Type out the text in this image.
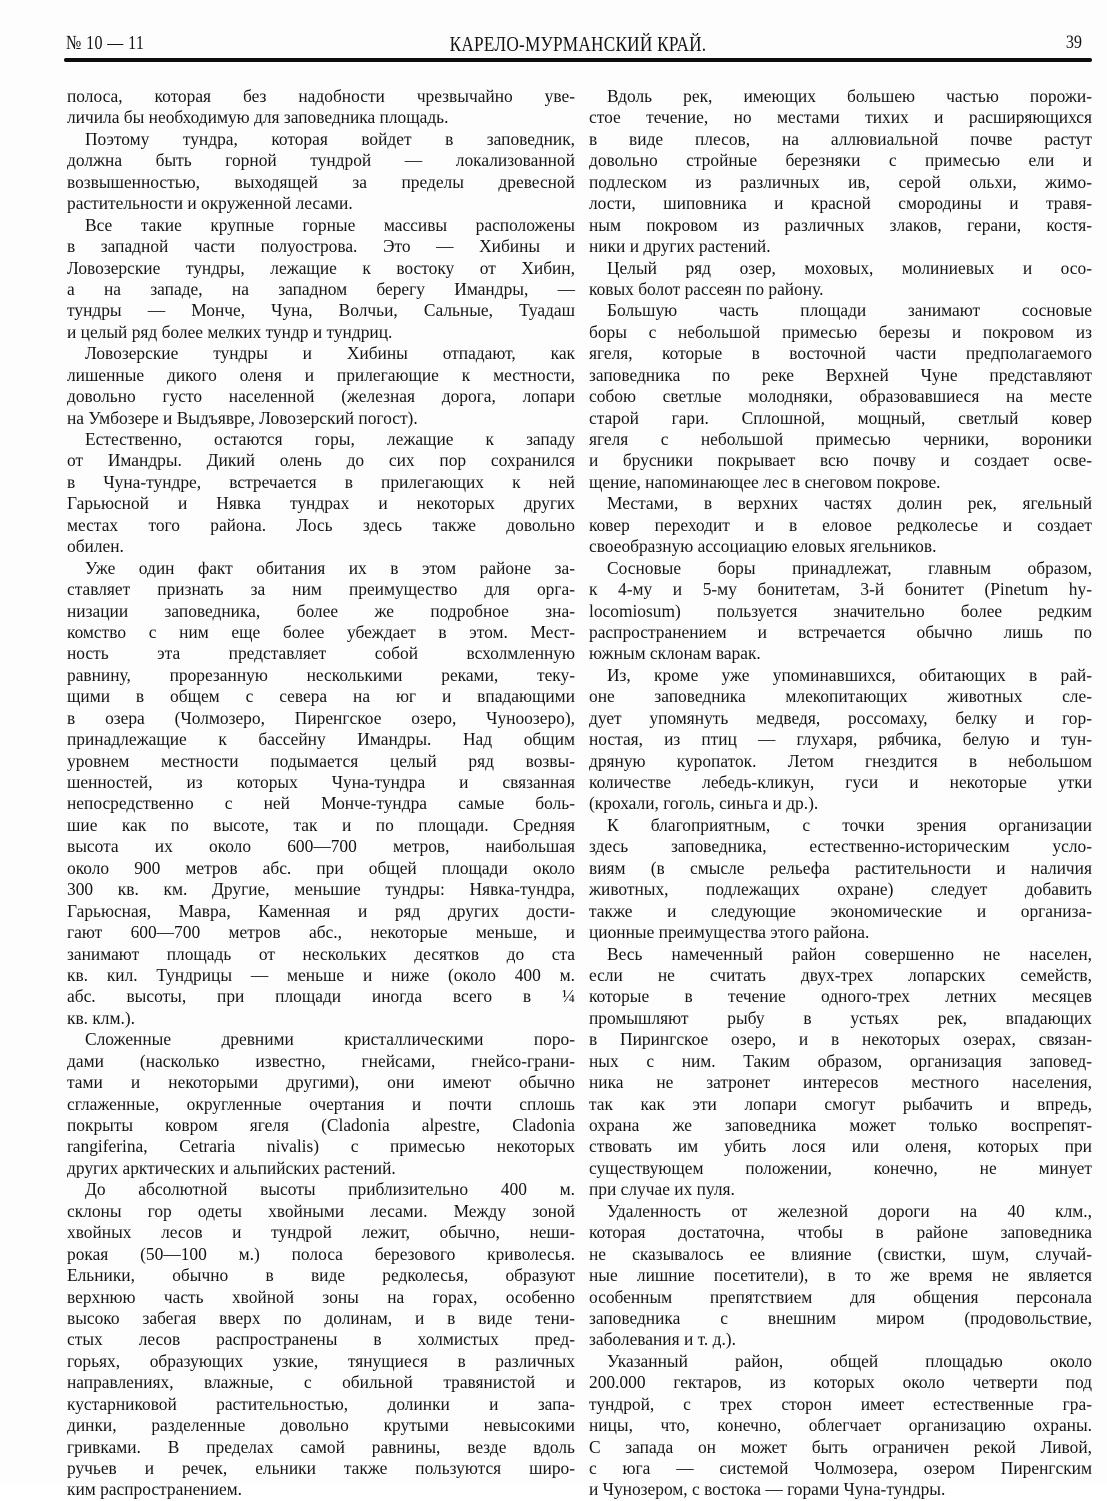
№ 10 — 11	КАРЕЛО-МУРМАНСКИЙ КРАЙ.	39
полоса, которая без надобности чрезвычайно уве-
личила бы необходимую для заповедника площадь.
Поэтому тундра, которая войдет в заповедник,
должна быть горной тундрой — локализованной
возвышенностью, выходящей за пределы древесной
растительности и окруженной лесами.
Все такие крупные горные массивы расположены
в западной части полуострова. Это — Хибины и
Ловозерские тундры, лежащие к востоку от Хибин,
а на западе, на западном берегу Имандры, —
тундры — Монче, Чуна, Волчьи, Сальные, Туадаш
и целый ряд более мелких тундр и тундриц.
Ловозерские тундры и Хибины отпадают, как
лишенные дикого оленя и прилегающие к местности,
довольно густо населенной (железная дорога, лопари
на Умбозере и Выдъявре, Ловозерский погост).
Естественно, остаются горы, лежащие к западу
от Имандры. Дикий олень до сих пор сохранился
в Чуна-тундре, встречается в прилегающих к ней
Гарьюсной и Нявка тундрах и некоторых других
местах того района. Лось здесь также довольно
обилен.
Уже один факт обитания их в этом районе за-
ставляет признать за ним преимущество для орга-
низации заповедника, более же подробное зна-
комство с ним еще более убеждает в этом. Мест-
ность эта представляет собой всхолмленную
равнину, прорезанную несколькими реками, теку-
щими в общем с севера на юг и впадающими
в озера (Чолмозеро, Пиренгское озеро, Чуноозеро),
принадлежащие к бассейну Имандры. Над общим
уровнем местности подымается целый ряд возвы-
шенностей, из которых Чуна-тундра и связанная
непосредственно с ней Монче-тундра самые боль-
шие как по высоте, так и по площади. Средняя
высота их около 600—700 метров, наибольшая
около 900 метров абс. при общей площади около
300 кв. км. Другие, меньшие тундры: Нявка-тундра,
Гарьюсная, Мавра, Каменная и ряд других дости-
гают 600—700 метров абс., некоторые меньше, и
занимают площадь от нескольких десятков до ста
кв. кил. Тундрицы — меньше и ниже (около 400 м.
абс. высоты, при площади иногда всего в ¼
кв. клм.).
Сложенные древними кристаллическими поро-
дами (насколько известно, гнейсами, гнейсо-грани-
тами и некоторыми другими), они имеют обычно
сглаженные, округленные очертания и почти сплошь
покрыты ковром ягеля (Cladonia alpestre, Cladonia
rangiferina, Cetraria nivalis) с примесью некоторых
других арктических и альпийских растений.
До абсолютной высоты приблизительно 400 м.
склоны гор одеты хвойными лесами. Между зоной
хвойных лесов и тундрой лежит, обычно, неши-
рокая (50—100 м.) полоса березового криволесья.
Ельники, обычно в виде редколесья, образуют
верхнюю часть хвойной зоны на горах, особенно
высоко забегая вверх по долинам, и в виде тени-
стых лесов распространены в холмистых пред-
горьях, образующих узкие, тянущиеся в различных
направлениях, влажные, с обильной травянистой и
кустарниковой растительностью, долинки и запа-
динки, разделенные довольно крутыми невысокими
гривками. В пределах самой равнины, везде вдоль
ручьев и речек, ельники также пользуются широ-
ким распространением.
Вдоль рек, имеющих большею частью порожи-
стое течение, но местами тихих и расширяющихся
в виде плесов, на аллювиальной почве растут
довольно стройные березняки с примесью ели и
подлеском из различных ив, серой ольхи, жимо-
лости, шиповника и красной смородины и травя-
ным покровом из различных злаков, герани, костя-
ники и других растений.
Целый ряд озер, моховых, молиниевых и осо-
ковых болот рассеян по району.
Большую часть площади занимают сосновые
боры с небольшой примесью березы и покровом из
ягеля, которые в восточной части предполагаемого
заповедника по реке Верхней Чуне представляют
собою светлые молодняки, образовавшиеся на месте
старой гари. Сплошной, мощный, светлый ковер
ягеля с небольшой примесью черники, вороники
и брусники покрывает всю почву и создает осве-
щение, напоминающее лес в снеговом покрове.
Местами, в верхних частях долин рек, ягельный
ковер переходит и в еловое редколесье и создает
своеобразную ассоциацию еловых ягельников.
Сосновые боры принадлежат, главным образом,
к 4-му и 5-му бонитетам, 3-й бонитет (Pinetum hy-
locomiosum) пользуется значительно более редким
распространением и встречается обычно лишь по
южным склонам варак.
Из, кроме уже упоминавшихся, обитающих в рай-
оне заповедника млекопитающих животных сле-
дует упомянуть медведя, россомаху, белку и гор-
ностая, из птиц — глухаря, рябчика, белую и тун-
дряную куропаток. Летом гнездится в небольшом
количестве лебедь-кликун, гуси и некоторые утки
(крохали, гоголь, синьга и др.).
К благоприятным, с точки зрения организации
здесь заповедника, естественно-историческим усло-
виям (в смысле рельефа растительности и наличия
животных, подлежащих охране) следует добавить
также и следующие экономические и организа-
ционные преимущества этого района.
Весь намеченный район совершенно не населен,
если не считать двух-трех лопарских семейств,
которые в течение одного-трех летних месяцев
промышляют рыбу в устьях рек, впадающих
в Пирингское озеро, и в некоторых озерах, связан-
ных с ним. Таким образом, организация заповед-
ника не затронет интересов местного населения,
так как эти лопари смогут рыбачить и впредь,
охрана же заповедника может только воспрепят-
ствовать им убить лося или оленя, которых при
существующем положении, конечно, не минует
при случае их пуля.
Удаленность от железной дороги на 40 клм.,
которая достаточна, чтобы в районе заповедника
не сказывалось ее влияние (свистки, шум, случай-
ные лишние посетители), в то же время не является
особенным препятствием для общения персонала
заповедника с внешним миром (продовольствие,
заболевания и т. д.).
Указанный район, общей площадью около
200.000 гектаров, из которых около четверти под
тундрой, с трех сторон имеет естественные гра-
ницы, что, конечно, облегчает организацию охраны.
С запада он может быть ограничен рекой Ливой,
с юга — системой Чолмозера, озером Пиренгским
и Чунозером, с востока — горами Чуна-тундры.
